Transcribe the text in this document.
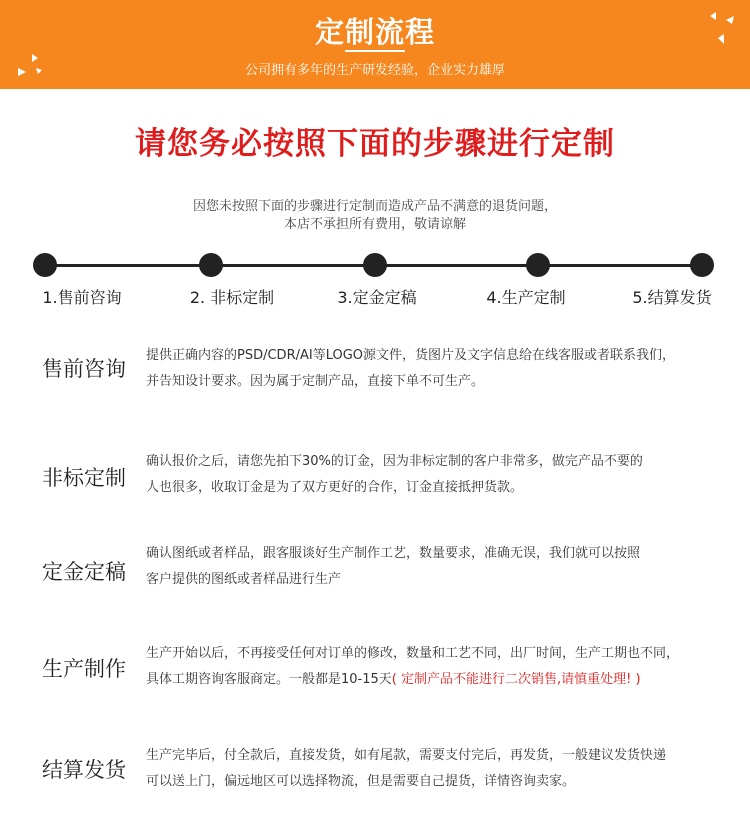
定制流程
公司拥有多年的生产研发经验，企业实力雄厚
请您务必按照下面的步骤进行定制
因您未按照下面的步骤进行定制而造成产品不满意的退货问题，
本店不承担所有费用，敬请谅解
1.售前咨询	2. 非标定制	3.定金定稿	4.生产定制	5.结算发货
售前咨询
提供正确内容的PSD/CDR/AI等LOGO源文件，货图片及文字信息给在线客服或者联系我们，
并告知设计要求。因为属于定制产品，直接下单不可生产。
非标定制
确认报价之后，请您先拍下30%的订金，因为非标定制的客户非常多，做完产品不要的
人也很多，收取订金是为了双方更好的合作，订金直接抵押货款。
定金定稿
确认图纸或者样品，跟客服谈好生产制作工艺，数量要求，准确无误，我们就可以按照
客户提供的图纸或者样品进行生产
生产制作
生产开始以后，不再接受任何对订单的修改，数量和工艺不同，出厂时间，生产工期也不同，
具体工期咨询客服商定。一般都是10-15天( 定制产品不能进行二次销售,请慎重处理! )
结算发货
生产完毕后，付全款后，直接发货，如有尾款，需要支付完后，再发货，一般建议发货快递
可以送上门，偏远地区可以选择物流，但是需要自己提货，详情咨询卖家。
